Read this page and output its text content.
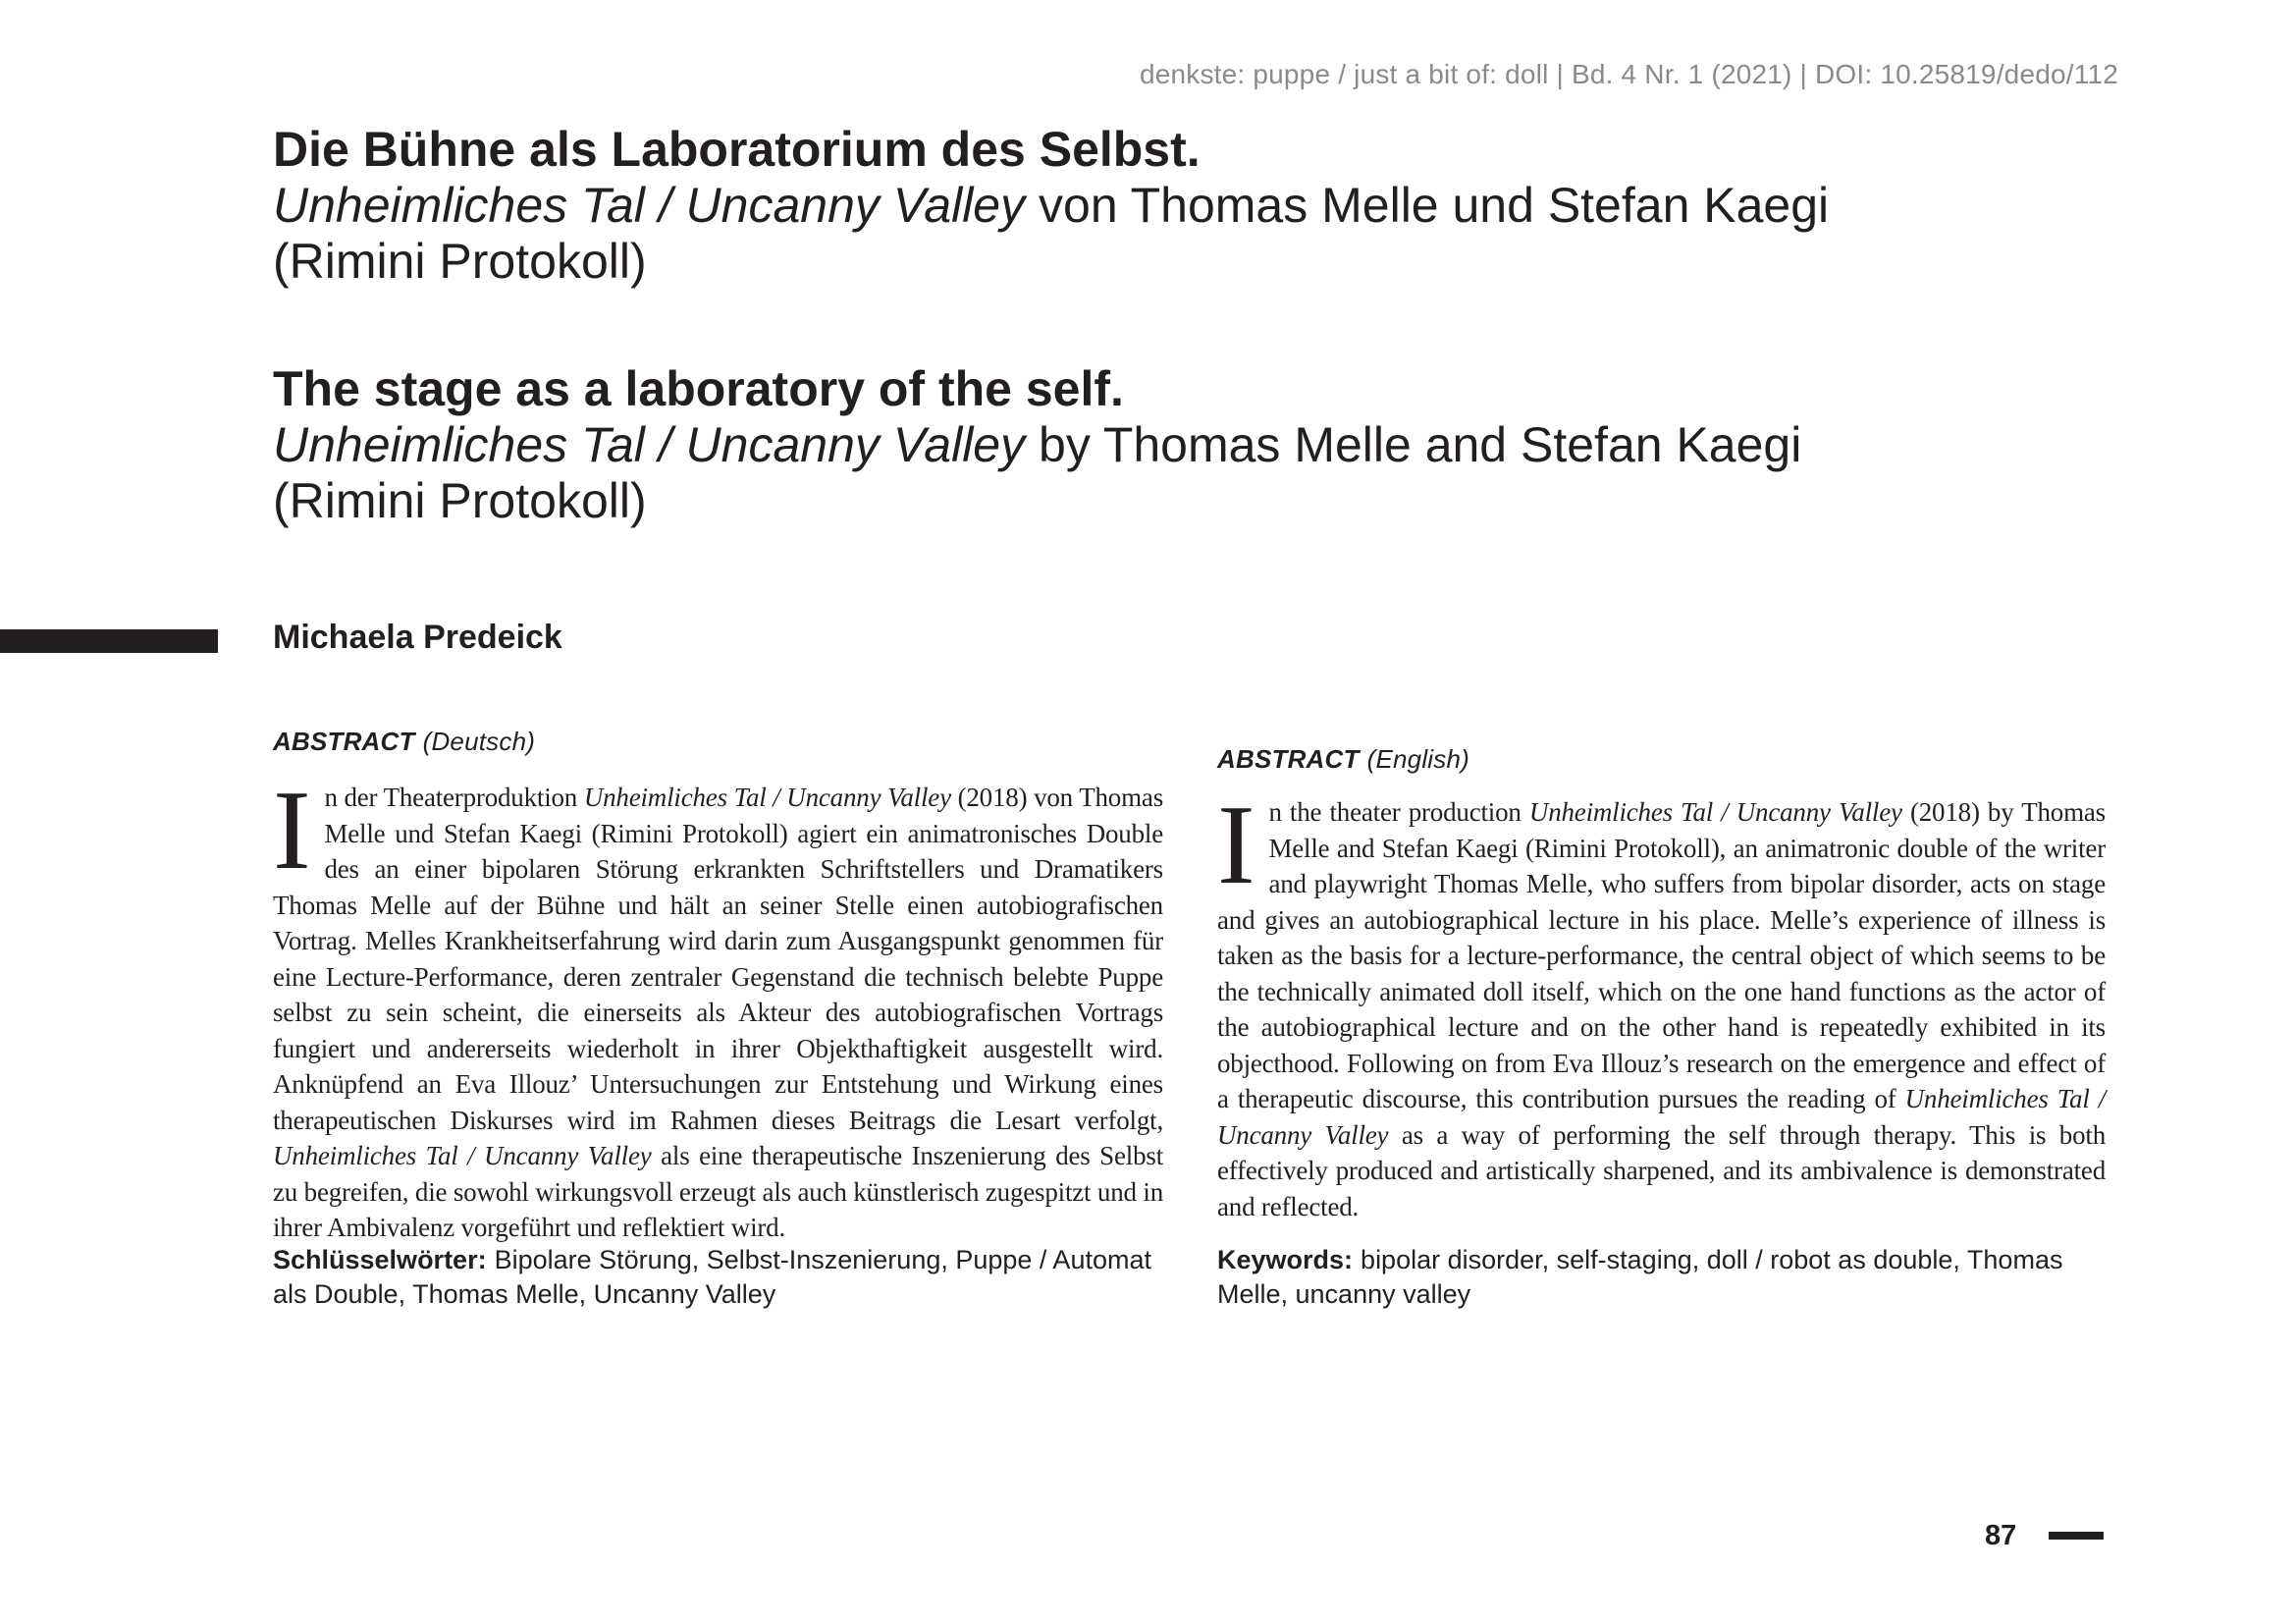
denkste: puppe / just a bit of: doll | Bd. 4 Nr. 1 (2021) | DOI: 10.25819/dedo/112
Die Bühne als Laboratorium des Selbst.
Unheimliches Tal / Uncanny Valley von Thomas Melle und Stefan Kaegi
(Rimini Protokoll)
The stage as a laboratory of the self.
Unheimliches Tal / Uncanny Valley by Thomas Melle and Stefan Kaegi
(Rimini Protokoll)
Michaela Predeick
ABSTRACT (Deutsch)
In der Theaterproduktion Unheimliches Tal / Uncanny Valley (2018) von Thomas Melle und Stefan Kaegi (Rimini Protokoll) agiert ein animatronisches Double des an einer bipolaren Störung erkrankten Schriftstellers und Dramatikers Thomas Melle auf der Bühne und hält an seiner Stelle einen autobiografischen Vortrag. Melles Krankheitserfahrung wird darin zum Ausgangspunkt genommen für eine Lecture-Performance, deren zentraler Gegenstand die technisch belebte Puppe selbst zu sein scheint, die einerseits als Akteur des autobiografischen Vortrags fungiert und andererseits wiederholt in ihrer Objekthaftigkeit ausgestellt wird. Anknüpfend an Eva Illouz’ Untersuchungen zur Entstehung und Wirkung eines therapeutischen Diskurses wird im Rahmen dieses Beitrags die Lesart verfolgt, Unheimliches Tal / Uncanny Valley als eine therapeutische Inszenierung des Selbst zu begreifen, die sowohl wirkungsvoll erzeugt als auch künstlerisch zugespitzt und in ihrer Ambivalenz vorgeführt und reflektiert wird.
ABSTRACT (English)
In the theater production Unheimliches Tal / Uncanny Valley (2018) by Thomas Melle and Stefan Kaegi (Rimini Protokoll), an animatronic double of the writer and playwright Thomas Melle, who suffers from bipolar disorder, acts on stage and gives an autobiographical lecture in his place. Melle’s experience of illness is taken as the basis for a lecture-performance, the central object of which seems to be the technically animated doll itself, which on the one hand functions as the actor of the autobiographical lecture and on the other hand is repeatedly exhibited in its objecthood. Following on from Eva Illouz’s research on the emergence and effect of a therapeutic discourse, this contribution pursues the reading of Unheimliches Tal / Uncanny Valley as a way of performing the self through therapy. This is both effectively produced and artistically sharpened, and its ambivalence is demonstrated and reflected.
Schlüsselwörter: Bipolare Störung, Selbst-Inszenierung, Puppe / Automat als Double, Thomas Melle, Uncanny Valley
Keywords: bipolar disorder, self-staging, doll / robot as double, Thomas Melle, uncanny valley
87
